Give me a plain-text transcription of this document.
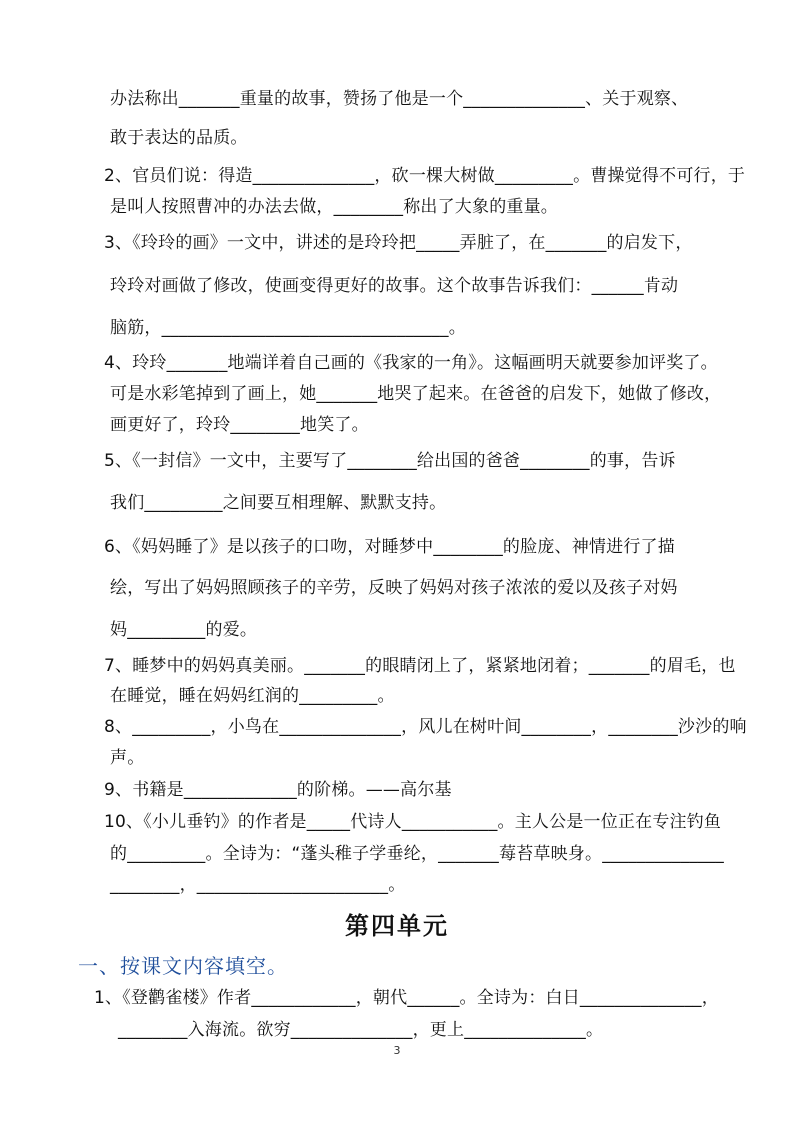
办法称出_______重量的故事，赞扬了他是一个______________、关于观察、
敢于表达的品质。
2、官员们说：得造______________，砍一棵大树做_________。曹操觉得不可行，于
是叫人按照曹冲的办法去做，________称出了大象的重量。
3、《玲玲的画》一文中，讲述的是玲玲把_____弄脏了，在_______的启发下，
玲玲对画做了修改，使画变得更好的故事。这个故事告诉我们：______肯动
脑筋，_________________________________。
4、玲玲_______地端详着自己画的《我家的一角》。这幅画明天就要参加评奖了。
可是水彩笔掉到了画上，她_______地哭了起来。在爸爸的启发下，她做了修改，
画更好了，玲玲________地笑了。
5、《一封信》一文中，主要写了________给出国的爸爸________的事，告诉
我们_________之间要互相理解、默默支持。
6、《妈妈睡了》是以孩子的口吻，对睡梦中________的脸庞、神情进行了描
绘，写出了妈妈照顾孩子的辛劳，反映了妈妈对孩子浓浓的爱以及孩子对妈
妈_________的爱。
7、睡梦中的妈妈真美丽。_______的眼睛闭上了，紧紧地闭着；_______的眉毛，也
在睡觉，睡在妈妈红润的_________。
8、_________，小鸟在______________，风儿在树叶间________，________沙沙的响
声。
9、书籍是_____________的阶梯。——高尔基
10、《小儿垂钓》的作者是_____代诗人___________。主人公是一位正在专注钓鱼
的_________。全诗为：“蓬头稚子学垂纶，_______莓苔草映身。______________
________，______________________。
第四单元
一、按课文内容填空。
1、《登鹳雀楼》作者____________，朝代______。全诗为：白日______________，
________入海流。欲穷______________，更上______________。
3
